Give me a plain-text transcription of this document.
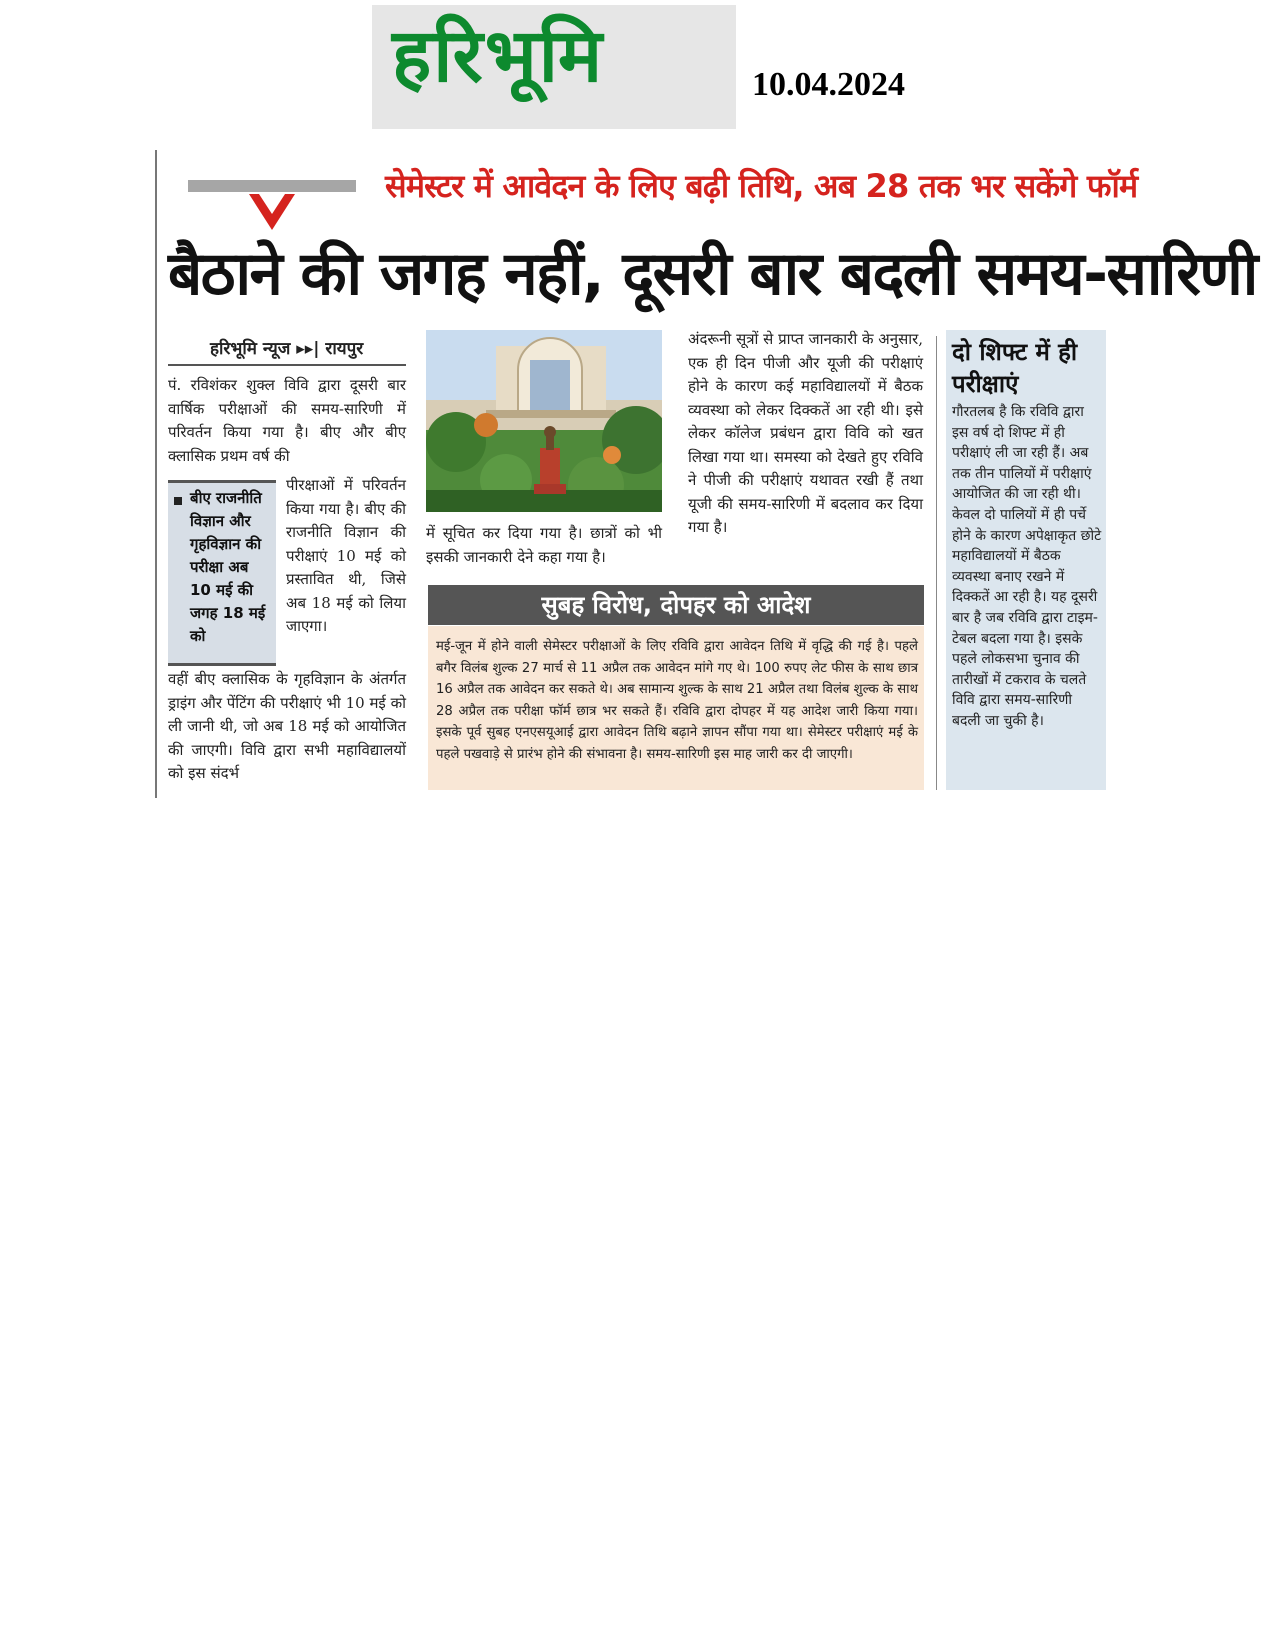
हरिभूमि	10.04.2024
सेमेस्टर में आवेदन के लिए बढ़ी तिथि, अब 28 तक भर सकेंगे फॉर्म
बैठाने की जगह नहीं, दूसरी बार बदली समय-सारिणी
हरिभूमि न्यूज ▸▸| रायपुर
पं. रविशंकर शुक्ल विवि द्वारा दूसरी बार वार्षिक परीक्षाओं की समय-सारिणी में परिवर्तन किया गया है। बीए और बीए क्लासिक प्रथम वर्ष की
बीए राजनीति विज्ञान और गृहविज्ञान की परीक्षा अब 10 मई की जगह 18 मई को
पीरक्षाओं में परिवर्तन किया गया है। बीए की राजनीति विज्ञान की परीक्षाएं 10 मई को प्रस्तावित थी, जिसे अब 18 मई को लिया जाएगा।
वहीं बीए क्लासिक के गृहविज्ञान के अंतर्गत ड्राइंग और पेंटिंग की परीक्षाएं भी 10 मई को ली जानी थी, जो अब 18 मई को आयोजित की जाएगी। विवि द्वारा सभी महाविद्यालयों को इस संदर्भ
में सूचित कर दिया गया है। छात्रों को भी इसकी जानकारी देने कहा गया है।
अंदरूनी सूत्रों से प्राप्त जानकारी के अनुसार, एक ही दिन पीजी और यूजी की परीक्षाएं होने के कारण कई महाविद्यालयों में बैठक व्यवस्था को लेकर दिक्कतें आ रही थी। इसे लेकर कॉलेज प्रबंधन द्वारा विवि को खत लिखा गया था। समस्या को देखते हुए रविवि ने पीजी की परीक्षाएं यथावत रखी हैं तथा यूजी की समय-सारिणी में बदलाव कर दिया गया है।
सुबह विरोध, दोपहर को आदेश
मई-जून में होने वाली सेमेस्टर परीक्षाओं के लिए रविवि द्वारा आवेदन तिथि में वृद्धि की गई है। पहले बगैर विलंब शुल्क 27 मार्च से 11 अप्रैल तक आवेदन मांगे गए थे। 100 रुपए लेट फीस के साथ छात्र 16 अप्रैल तक आवेदन कर सकते थे। अब सामान्य शुल्क के साथ 21 अप्रैल तथा विलंब शुल्क के साथ 28 अप्रैल तक परीक्षा फॉर्म छात्र भर सकते हैं। रविवि द्वारा दोपहर में यह आदेश जारी किया गया। इसके पूर्व सुबह एनएसयूआई द्वारा आवेदन तिथि बढ़ाने ज्ञापन सौंपा गया था। सेमेस्टर परीक्षाएं मई के पहले पखवाड़े से प्रारंभ होने की संभावना है। समय-सारिणी इस माह जारी कर दी जाएगी।
दो शिफ्ट में ही परीक्षाएं
गौरतलब है कि रविवि द्वारा इस वर्ष दो शिफ्ट में ही परीक्षाएं ली जा रही हैं। अब तक तीन पालियों में परीक्षाएं आयोजित की जा रही थी। केवल दो पालियों में ही पर्चे होने के कारण अपेक्षाकृत छोटे महाविद्यालयों में बैठक व्यवस्था बनाए रखने में दिक्कतें आ रही है। यह दूसरी बार है जब रविवि द्वारा टाइम-टेबल बदला गया है। इसके पहले लोकसभा चुनाव की तारीखों में टकराव के चलते विवि द्वारा समय-सारिणी बदली जा चुकी है।
